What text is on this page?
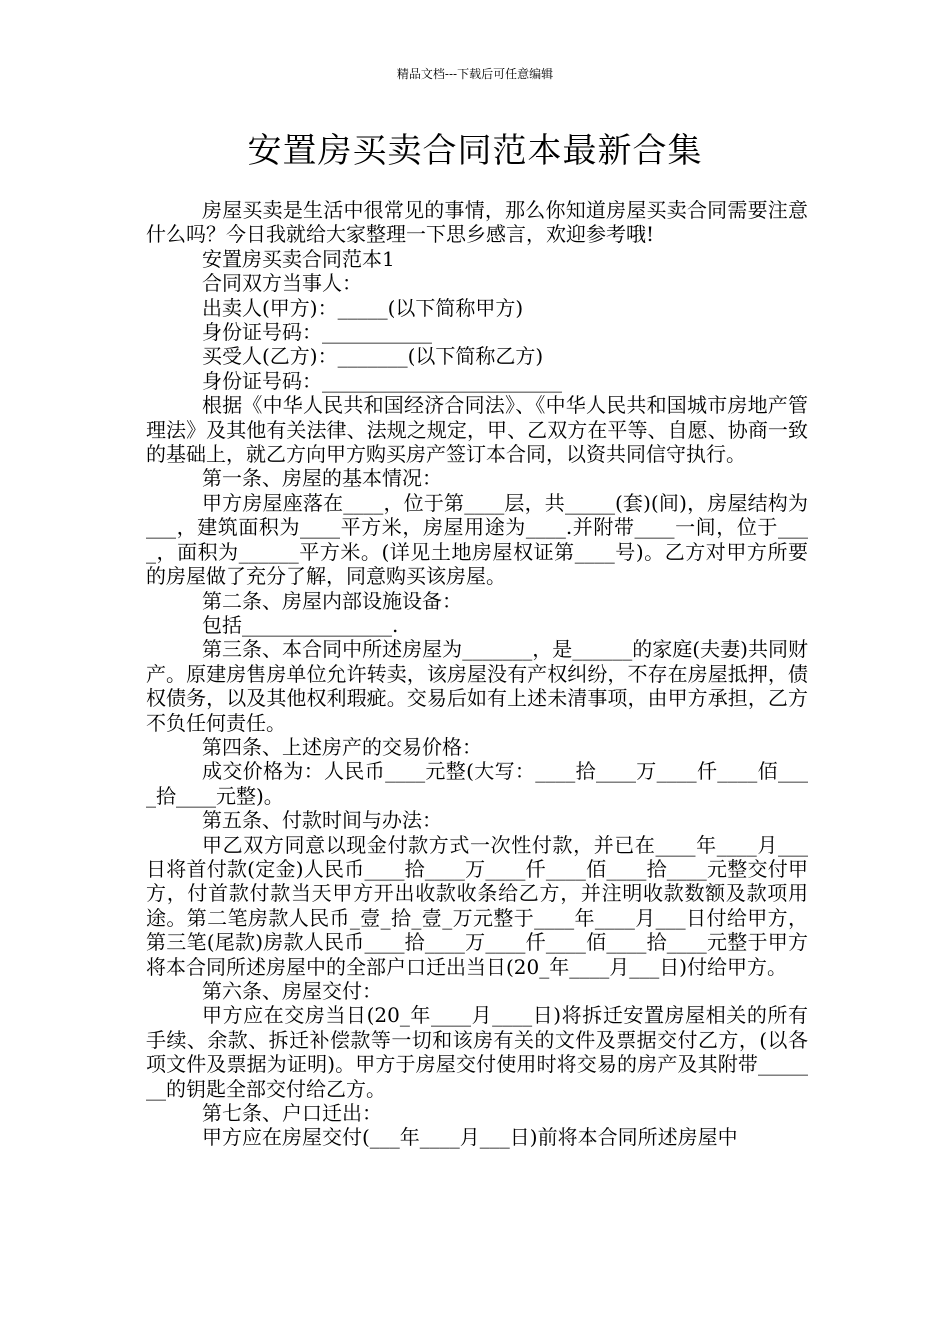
精品文档---下载后可任意编辑
安置房买卖合同范本最新合集

房屋买卖是生活中很常见的事情，那么你知道房屋买卖合同需要注意什么吗？今日我就给大家整理一下思乡感言，欢迎参考哦!

安置房买卖合同范本1

合同双方当事人：

出卖人(甲方)：_____(以下简称甲方)

身份证号码：___________

买受人(乙方)：_______(以下简称乙方)

身份证号码：________________________

根据《中华人民共和国经济合同法》、《中华人民共和国城市房地产管理法》及其他有关法律、法规之规定，甲、乙双方在平等、自愿、协商一致的基础上，就乙方向甲方购买房产签订本合同，以资共同信守执行。

第一条、房屋的基本情况：

甲方房屋座落在____，位于第____层，共_____(套)(间)，房屋结构为___，建筑面积为____平方米，房屋用途为____.并附带____一间，位于____，面积为______平方米。(详见土地房屋权证第____号)。乙方对甲方所要的房屋做了充分了解，同意购买该房屋。

第二条、房屋内部设施设备：

包括_______________.

第三条、本合同中所述房屋为_______，是______的家庭(夫妻)共同财产。原建房售房单位允许转卖，该房屋没有产权纠纷，不存在房屋抵押，债权债务，以及其他权利瑕疵。交易后如有上述未清事项，由甲方承担，乙方不负任何责任。

第四条、上述房产的交易价格：

成交价格为：人民币____元整(大写：____拾____万____仟____佰____拾____元整)。

第五条、付款时间与办法：

甲乙双方同意以现金付款方式一次性付款，并已在____年____月___日将首付款(定金)人民币____拾____万____仟____佰____拾____元整交付甲方，付首款付款当天甲方开出收款收条给乙方，并注明收款数额及款项用途。第二笔房款人民币_壹_拾_壹_万元整于____年____月___日付给甲方，第三笔(尾款)房款人民币____拾____万____仟____佰____拾____元整于甲方将本合同所述房屋中的全部户口迁出当日(20_年____月___日)付给甲方。

第六条、房屋交付：

甲方应在交房当日(20_年____月____日)将拆迁安置房屋相关的所有手续、余款、拆迁补偿款等一切和该房有关的文件及票据交付乙方，(以各项文件及票据为证明)。甲方于房屋交付使用时将交易的房产及其附带_______的钥匙全部交付给乙方。

第七条、户口迁出：

甲方应在房屋交付(___年____月___日)前将本合同所述房屋中
